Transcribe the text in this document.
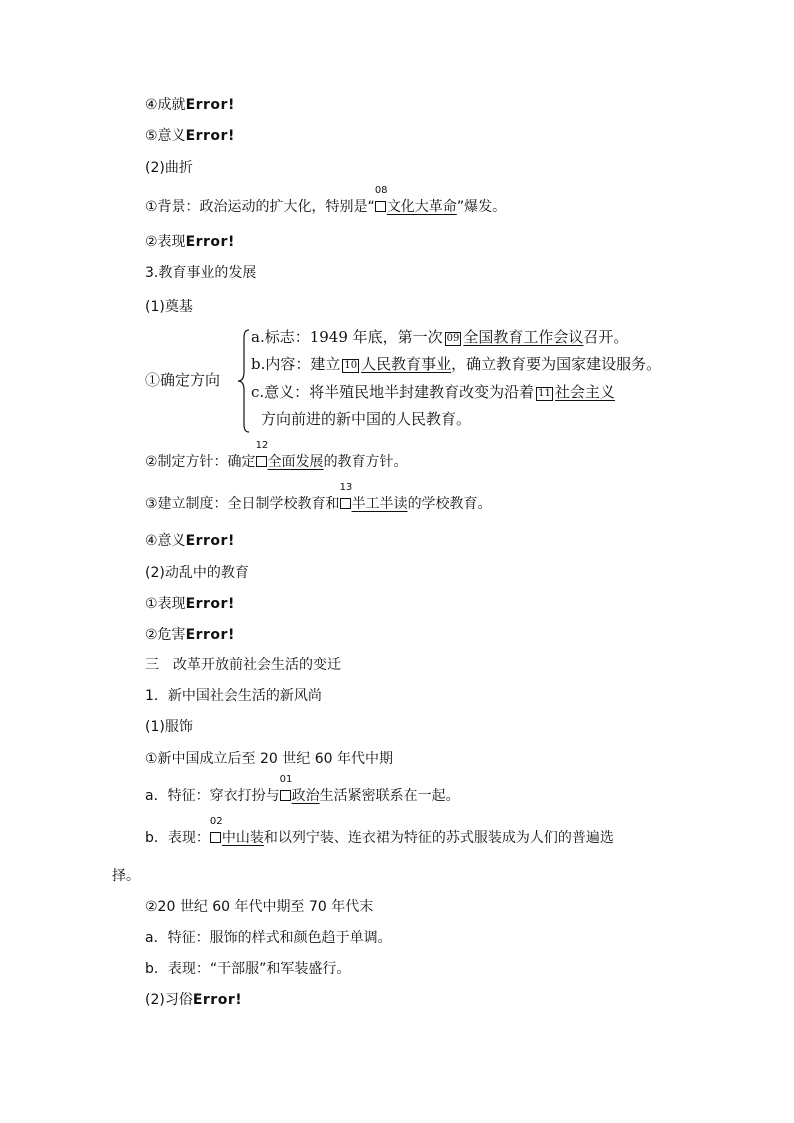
④成就Error!
⑤意义Error!
(2)曲折
①背景：政治运动的扩大化，特别是“
08
文化大革命”爆发。
②表现Error!
3.教育事业的发展
(1)奠基
①确定方向
a.标志：1949 年底，第一次 09 全国教育工作会议召开。
b.内容：建立 10 人民教育事业，确立教育要为国家建设服务。
c.意义：将半殖民地半封建教育改变为沿着 11 社会主义
方向前进的新中国的人民教育。
②制定方针：确定
12
全面发展的教育方针。
③建立制度：全日制学校教育和
13
半工半读的学校教育。
④意义Error!
(2)动乱中的教育
①表现Error!
②危害Error!
三　改革开放前社会生活的变迁
1．新中国社会生活的新风尚
(1)服饰
①新中国成立后至 20 世纪 60 年代中期
a．特征：穿衣打扮与
01
政治生活紧密联系在一起。
b．表现：
02
中山装和以列宁装、连衣裙为特征的苏式服装成为人们的普遍选
择。
②20 世纪 60 年代中期至 70 年代末
a．特征：服饰的样式和颜色趋于单调。
b．表现：“干部服”和军装盛行。
(2)习俗Error!
